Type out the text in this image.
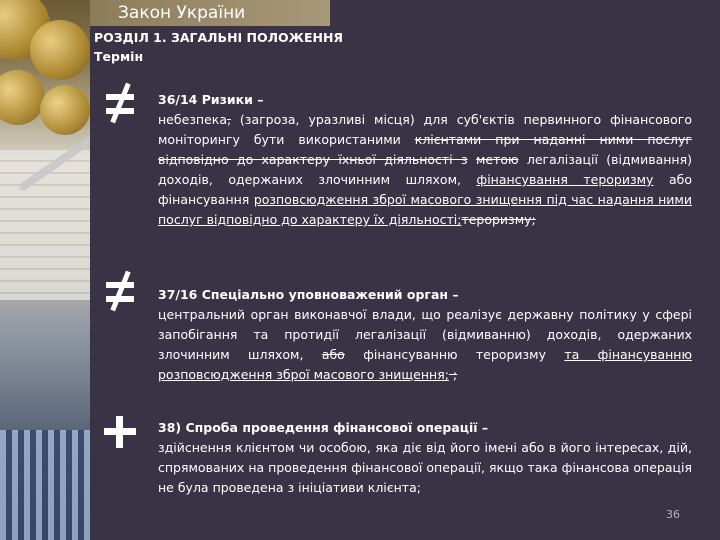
Закон України
РОЗДІЛ 1. ЗАГАЛЬНІ ПОЛОЖЕННЯ
Термін
36/14 Ризики –
небезпека, (загроза, уразливі місця) для суб'єктів первинного фінансового моніторингу бути використаними клієнтами при наданні ними послуг відповідно до характеру їхньої діяльності з метою легалізації (відмивання) доходів, одержаних злочинним шляхом, фінансування тероризму або фінансування розповсюдження зброї масового знищення під час надання ними послуг відповідно до характеру їх діяльності;тероризму;
37/16 Спеціально уповноважений орган –
центральний орган виконавчої влади, що реалізує державну політику у сфері запобігання та протидії легалізації (відмиванню) доходів, одержаних злочинним шляхом, або фінансуванню тероризму та фінансуванню розповсюдження зброї масового знищення; ;
38) Спроба проведення фінансової операції –
здійснення клієнтом чи особою, яка діє від його імені або в його інтересах, дій, спрямованих на проведення фінансової операції, якщо така фінансова операція не була проведена з ініціативи клієнта;
36
